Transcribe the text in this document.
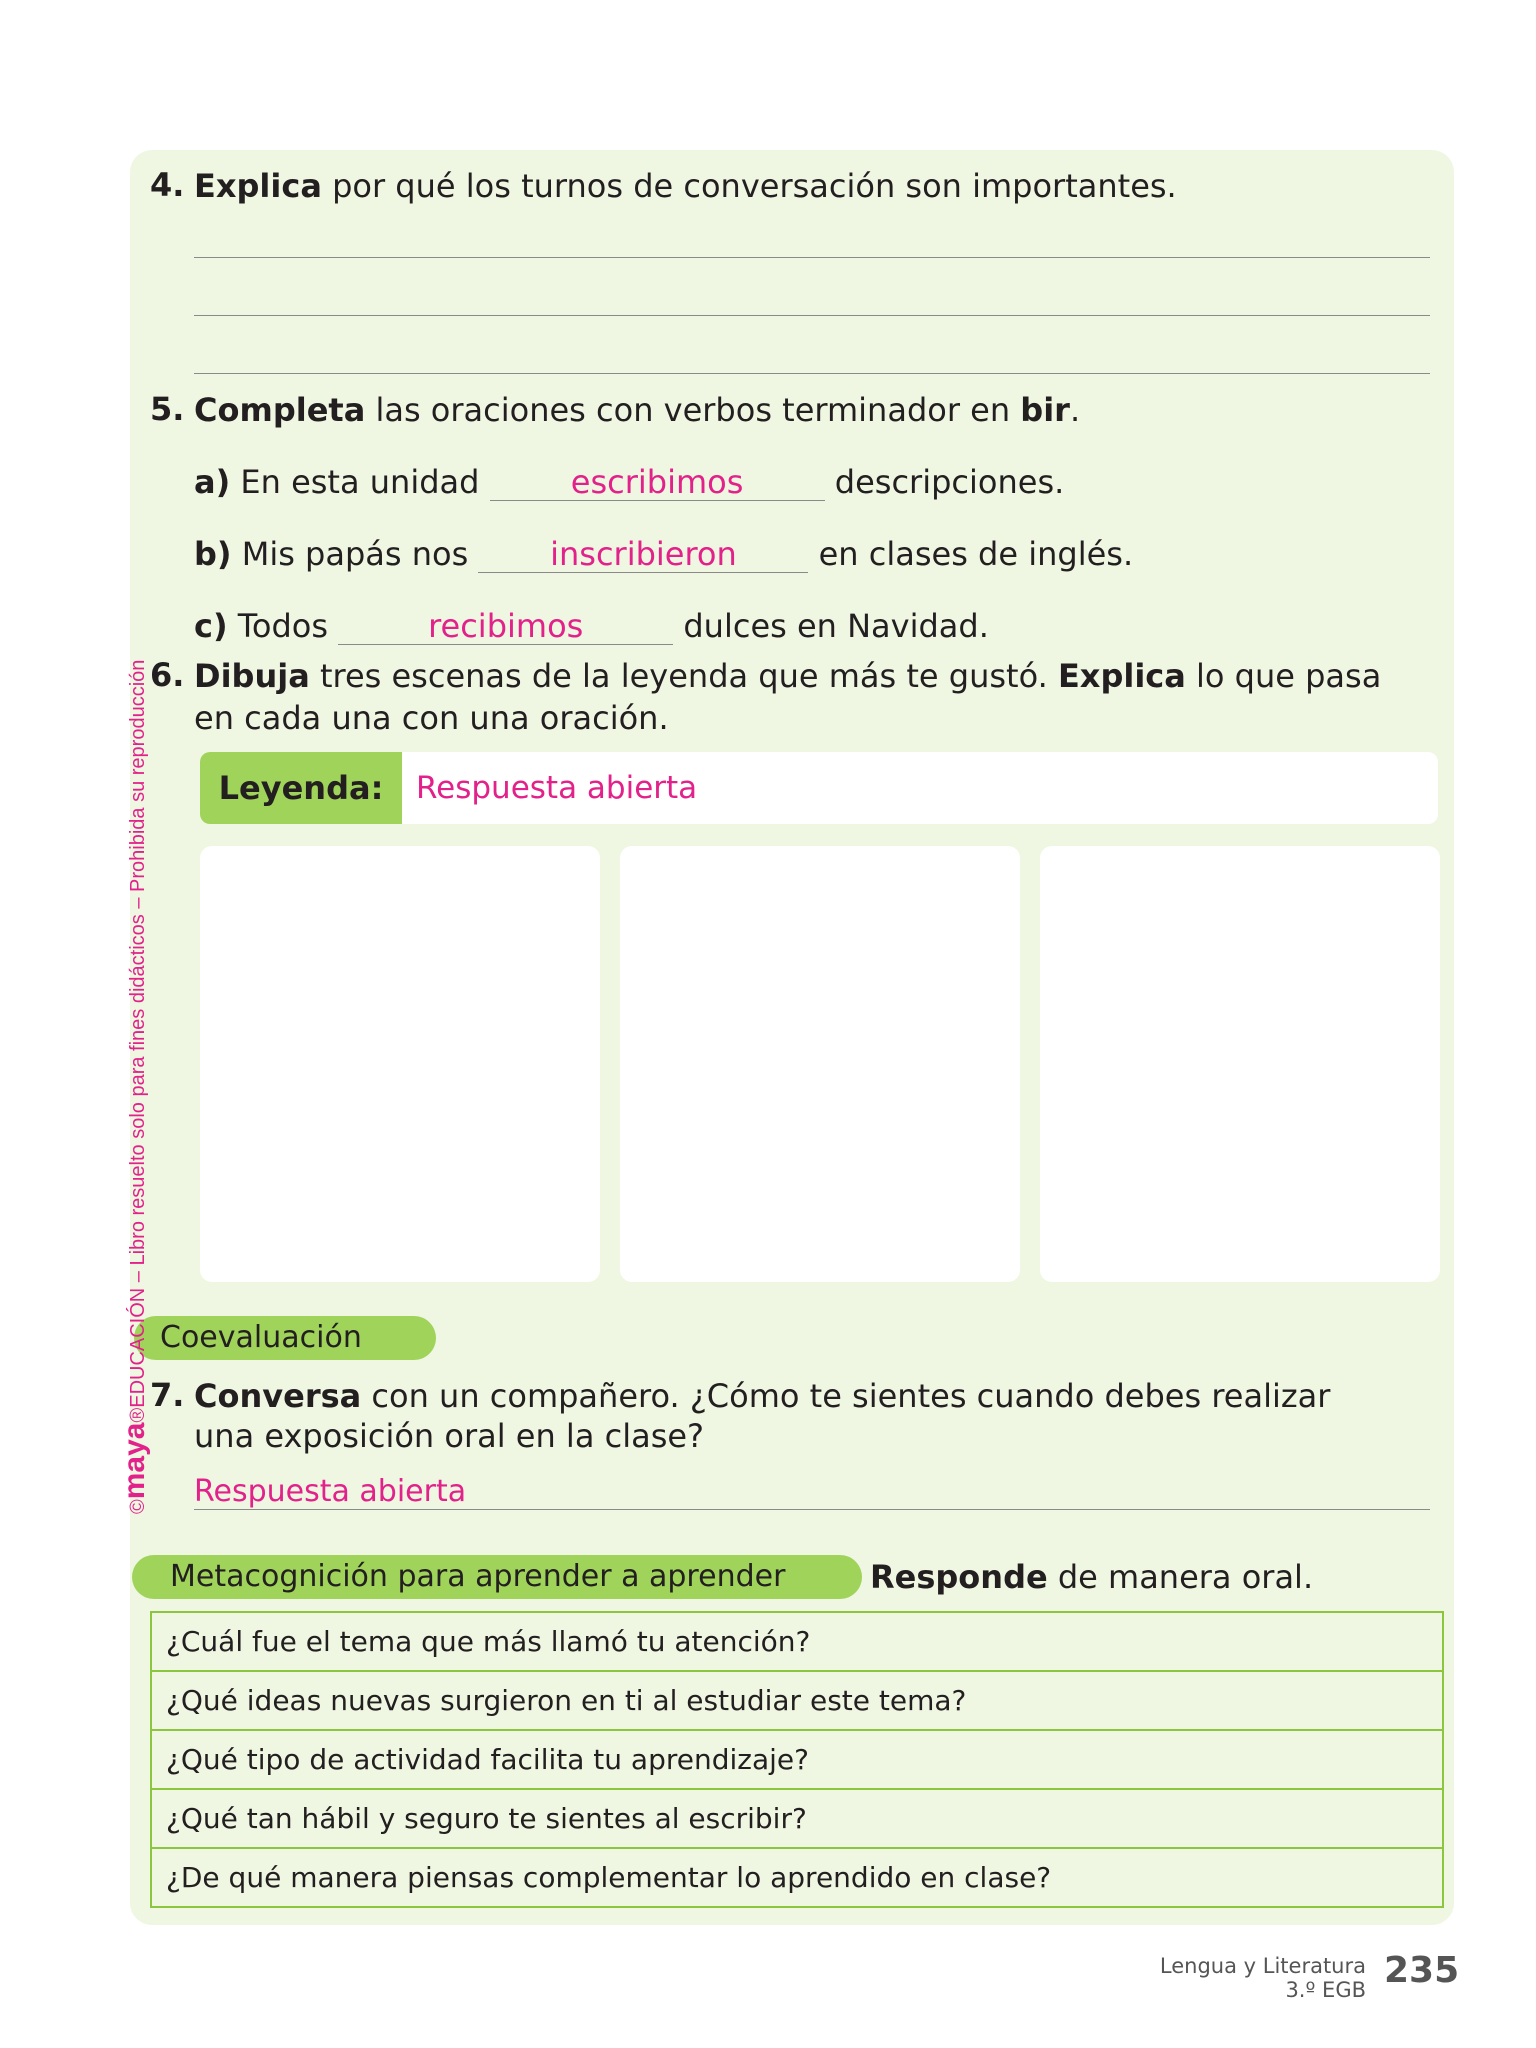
4. Explica por qué los turnos de conversación son importantes.
5. Completa las oraciones con verbos terminador en bir.
a) En esta unidad	escribimos	descripciones.
b) Mis papás nos inscribieron en clases de inglés.
c) Todos	recibimos	dulces en Navidad.
6. Dibuja tres escenas de la leyenda que más te gustó. Explica lo que pasa
en cada una con una oración.
Leyenda:	Respuesta abierta
Coevaluación
7. Conversa con un compañero. ¿Cómo te sientes cuando debes realizar
una exposición oral en la clase?
Respuesta abierta
Metacognición para aprender a aprender	Responde de manera oral.
¿Cuál fue el tema que más llamó tu atención?
¿Qué ideas nuevas surgieron en ti al estudiar este tema?
¿Qué tipo de actividad facilita tu aprendizaje?
¿Qué tan hábil y seguro te sientes al escribir?
¿De qué manera piensas complementar lo aprendido en clase?
©maya®EDUCACIÓN – Libro resuelto solo para fines didácticos – Prohibida su reproducción
Lengua y Literatura
3.º EGB 235
